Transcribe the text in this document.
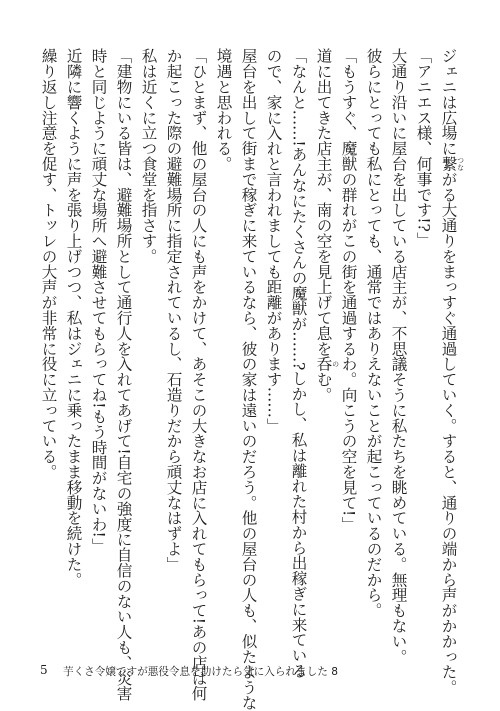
ジェニは広場に繋 つながる大通りをまっすぐ通過していく。すると、通りの端から声がかかった。
「アニエス様、何事です!?」
大通り沿いに屋台を出している店主が、不思議そうに私たちを眺めている。無理もない。
彼らにとっても私にとっても、通常ではありえないことが起こっているのだから。
「もうすぐ、魔獣の群れがこの街を通過するわ。向こうの空を見て!」
道に出てきた店主が、南の空を見上げて息を呑 のむ。
「なんと……!あんなにたくさんの魔獣が……?しかし、私は離れた村から出稼ぎに来ている
ので、家に入れと言われましても距離があります……」
屋台を出して街まで稼ぎに来ているなら、彼の家は遠いのだろう。他の屋台の人も、似たような
境遇と思われる。
「ひとまず、他の屋台の人にも声をかけて、あそこの大きなお店に入れてもらって!あの店は何
か起こった際の避難場所に指定されているし、石造りだから頑丈なはずよ」
私は近くに立つ食堂を指さす。
「建物にいる皆は、避難場所として通行人を入れてあげて!自宅の強度に自信のない人も、災害
時と同じように頑丈な場所へ避難させてもらってね!もう時間がないわ!」
近隣に響くように声を張り上げつつ、私はジェニに乗ったまま移動を続けた。
繰り返し注意を促す、トッレの大声が非常に役に立っている。
5 芋くさ令嬢ですが悪役令息を助けたら気に入られました 8
